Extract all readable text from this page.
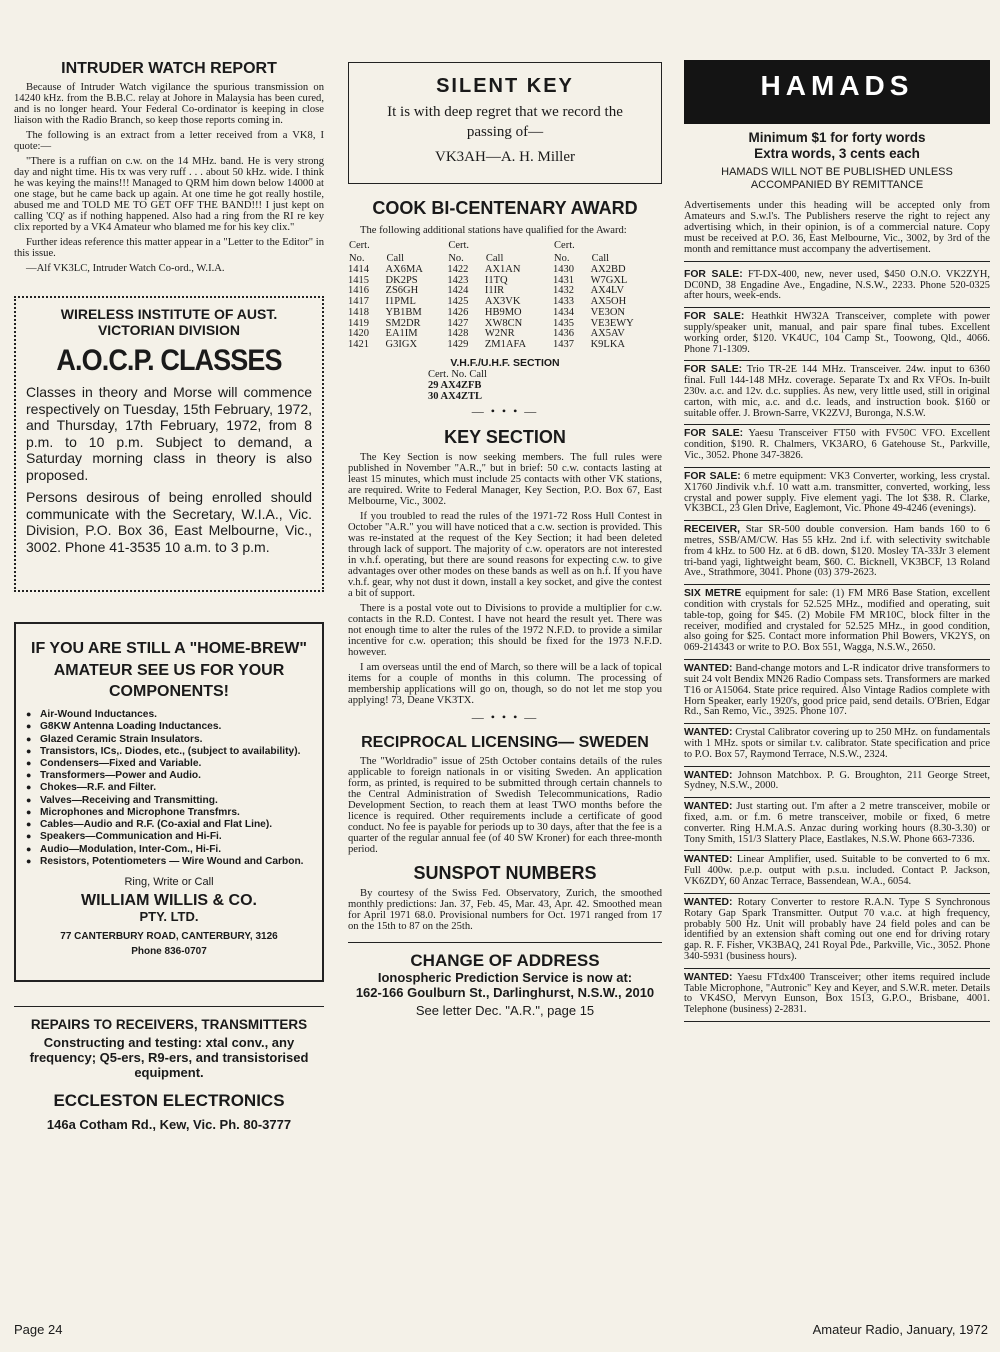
INTRUDER WATCH REPORT

Because of Intruder Watch vigilance the spurious transmission on 14240 kHz. from the B.B.C. relay at Johore in Malaysia has been cured, and is no longer heard. Your Federal Co-ordinator is keeping in close liaison with the Radio Branch, so keep those reports coming in.

The following is an extract from a letter received from a VK8, I quote:—

"There is a ruffian on c.w. on the 14 MHz. band. He is very strong day and night time. His tx was very ruff . . . about 50 kHz. wide. I think he was keying the mains!!! Managed to QRM him down below 14000 at one stage, but he came back up again. At one time he got really hostile, abused me and TOLD ME TO GET OFF THE BAND!!! I just kept on calling 'CQ' as if nothing happened. Also had a ring from the RI re key clix reported by a VK4 Amateur who blamed me for his key clix."

Further ideas reference this matter appear in a "Letter to the Editor" in this issue.

—Alf VK3LC, Intruder Watch Co-ord., W.I.A.

WIRELESS INSTITUTE OF AUST.
VICTORIAN DIVISION
A.O.C.P. CLASSES

Classes in theory and Morse will commence respectively on Tuesday, 15th February, 1972, and Thursday, 17th February, 1972, from 8 p.m. to 10 p.m. Subject to demand, a Saturday morning class in theory is also proposed.

Persons desirous of being enrolled should communicate with the Secretary, W.I.A., Vic. Division, P.O. Box 36, East Melbourne, Vic., 3002. Phone 41-3535 10 a.m. to 3 p.m.

IF YOU ARE STILL A "HOME-BREW" AMATEUR SEE US FOR YOUR COMPONENTS!
● Air-Wound Inductances.
● G8KW Antenna Loading Inductances.
● Glazed Ceramic Strain Insulators.
● Transistors, ICs,. Diodes, etc., (subject to availability).
● Condensers—Fixed and Variable.
● Transformers—Power and Audio.
● Chokes—R.F. and Filter.
● Valves—Receiving and Transmitting.
● Microphones and Microphone Transfmrs.
● Cables—Audio and R.F. (Co-axial and Flat Line).
● Speakers—Communication and Hi-Fi.
● Audio—Modulation, Inter-Com., Hi-Fi.
● Resistors, Potentiometers — Wire Wound and Carbon.
Ring, Write or Call
WILLIAM WILLIS & CO.
PTY. LTD.
77 CANTERBURY ROAD, CANTERBURY, 3126
Phone 836-0707
REPAIRS TO RECEIVERS, TRANSMITTERS
Constructing and testing: xtal conv., any frequency; Q5-ers, R9-ers, and transistorised equipment.
ECCLESTON ELECTRONICS
146a Cotham Rd., Kew, Vic. Ph. 80-3777
SILENT KEY

It is with deep regret that we record the passing of—

VK3AH—A. H. Miller

COOK BI-CENTENARY AWARD

The following additional stations have qualified for the Award:

Cert.		Cert.		Cert.	
No.	Call	No.	Call	No.	Call
1414	AX6MA	1422	AX1AN	1430	AX2BD
1415	DK2PS	1423	I1TQ	1431	W7GXL
1416	ZS6GH	1424	I1IR	1432	AX4LV
1417	I1PML	1425	AX3VK	1433	AX5OH
1418	YB1BM	1426	HB9MO	1434	VE3ON
1419	SM2DR	1427	XW8CN	1435	VE3EWY
1420	EA1IM	1428	W2NR	1436	AX5AV
1421	G3IGX	1429	ZM1AFA	1437	K9LKA
V.H.F./U.H.F. SECTION
Cert. No. Call
29 AX4ZFB
30 AX4ZTL
— • • • —
KEY SECTION

The Key Section is now seeking members. The full rules were published in November "A.R.," but in brief: 50 c.w. contacts lasting at least 15 minutes, which must include 25 contacts with other VK stations, are required. Write to Federal Manager, Key Section, P.O. Box 67, East Melbourne, Vic., 3002.

If you troubled to read the rules of the 1971-72 Ross Hull Contest in October "A.R." you will have noticed that a c.w. section is provided. This was re-instated at the request of the Key Section; it had been deleted through lack of support. The majority of c.w. operators are not interested in v.h.f. operating, but there are sound reasons for expecting c.w. to give advantages over other modes on these bands as well as on h.f. If you have v.h.f. gear, why not dust it down, install a key socket, and give the contest a bit of support.

There is a postal vote out to Divisions to provide a multiplier for c.w. contacts in the R.D. Contest. I have not heard the result yet. There was not enough time to alter the rules of the 1972 N.F.D. to provide a similar incentive for c.w. operation; this should be fixed for the 1973 N.F.D. however.

I am overseas until the end of March, so there will be a lack of topical items for a couple of months in this column. The processing of membership applications will go on, though, so do not let me stop you applying! 73, Deane VK3TX.

— • • • —
RECIPROCAL LICENSING— SWEDEN

The "Worldradio" issue of 25th October contains details of the rules applicable to foreign nationals in or visiting Sweden. An application form, as printed, is required to be submitted through certain channels to the Central Administration of Swedish Telecommunications, Radio Development Section, to reach them at least TWO months before the licence is required. Other requirements include a certificate of good conduct. No fee is payable for periods up to 30 days, after that the fee is a quarter of the regular annual fee (of 40 SW Kroner) for each three-month period.

SUNSPOT NUMBERS

By courtesy of the Swiss Fed. Observatory, Zurich, the smoothed monthly predictions: Jan. 37, Feb. 45, Mar. 43, Apr. 42. Smoothed mean for April 1971 68.0. Provisional numbers for Oct. 1971 ranged from 17 on the 15th to 87 on the 25th.

CHANGE OF ADDRESS
Ionospheric Prediction Service is now at:
162-166 Goulburn St., Darlinghurst, N.S.W., 2010
See letter Dec. "A.R.", page 15
HAMADS
Minimum $1 for forty words
Extra words, 3 cents each
HAMADS WILL NOT BE PUBLISHED UNLESS ACCOMPANIED BY REMITTANCE
Advertisements under this heading will be accepted only from Amateurs and S.w.l's. The Publishers reserve the right to reject any advertising which, in their opinion, is of a commercial nature. Copy must be received at P.O. 36, East Melbourne, Vic., 3002, by 3rd of the month and remittance must accompany the advertisement.

FOR SALE: FT-DX-400, new, never used, $450 O.N.O. VK2ZYH, DC0ND, 38 Engadine Ave., Engadine, N.S.W., 2233. Phone 520-0325 after hours, week-ends.

FOR SALE: Heathkit HW32A Transceiver, complete with power supply/speaker unit, manual, and pair spare final tubes. Excellent working order, $120. VK4UC, 104 Camp St., Toowong, Qld., 4066. Phone 71-1309.

FOR SALE: Trio TR-2E 144 MHz. Transceiver. 24w. input to 6360 final. Full 144-148 MHz. coverage. Separate Tx and Rx VFOs. In-built 230v. a.c. and 12v. d.c. supplies. As new, very little used, still in original carton, with mic, a.c. and d.c. leads, and instruction book. $160 or suitable offer. J. Brown-Sarre, VK2ZVJ, Buronga, N.S.W.

FOR SALE: Yaesu Transceiver FT50 with FV50C VFO. Excellent condition, $190. R. Chalmers, VK3ARO, 6 Gatehouse St., Parkville, Vic., 3052. Phone 347-3826.

FOR SALE: 6 metre equipment: VK3 Converter, working, less crystal. X1760 Jindivik v.h.f. 10 watt a.m. transmitter, converted, working, less crystal and power supply. Five element yagi. The lot $38. R. Clarke, VK3BCL, 23 Glen Drive, Eaglemont, Vic. Phone 49-4246 (evenings).

RECEIVER, Star SR-500 double conversion. Ham bands 160 to 6 metres, SSB/AM/CW. Has 55 kHz. 2nd i.f. with selectivity switchable from 4 kHz. to 500 Hz. at 6 dB. down, $120. Mosley TA-33Jr 3 element tri-band yagi, lightweight beam, $60. C. Bicknell, VK3BCF, 13 Roland Ave., Strathmore, 3041. Phone (03) 379-2623.

SIX METRE equipment for sale: (1) FM MR6 Base Station, excellent condition with crystals for 52.525 MHz., modified and operating, suit table-top, going for $45. (2) Mobile FM MR10C, block filter in the receiver, modified and crystaled for 52.525 MHz., in good condition, also going for $25. Contact more information Phil Bowers, VK2YS, on 069-214343 or write to P.O. Box 551, Wagga, N.S.W., 2650.

WANTED: Band-change motors and L-R indicator drive transformers to suit 24 volt Bendix MN26 Radio Compass sets. Transformers are marked T16 or A15064. State price required. Also Vintage Radios complete with Horn Speaker, early 1920's, good price paid, send details. O'Brien, Edgar Rd., San Remo, Vic., 3925. Phone 107.

WANTED: Crystal Calibrator covering up to 250 MHz. on fundamentals with 1 MHz. spots or similar t.v. calibrator. State specification and price to P.O. Box 57, Raymond Terrace, N.S.W., 2324.

WANTED: Johnson Matchbox. P. G. Broughton, 211 George Street, Sydney, N.S.W., 2000.

WANTED: Just starting out. I'm after a 2 metre transceiver, mobile or fixed, a.m. or f.m. 6 metre transceiver, mobile or fixed, 6 metre converter. Ring H.M.A.S. Anzac during working hours (8.30-3.30) or Tony Smith, 151/3 Slattery Place, Eastlakes, N.S.W. Phone 663-7336.

WANTED: Linear Amplifier, used. Suitable to be converted to 6 mx. Full 400w. p.e.p. output with p.s.u. included. Contact P. Jackson, VK6ZDY, 60 Anzac Terrace, Bassendean, W.A., 6054.

WANTED: Rotary Converter to restore R.A.N. Type S Synchronous Rotary Gap Spark Transmitter. Output 70 v.a.c. at high frequency, probably 500 Hz. Unit will probably have 24 field poles and can be identified by an extension shaft coming out one end for driving rotary gap. R. F. Fisher, VK3BAQ, 241 Royal Pde., Parkville, Vic., 3052. Phone 340-5931 (business hours).

WANTED: Yaesu FTdx400 Transceiver; other items required include Table Microphone, "Autronic" Key and Keyer, and S.W.R. meter. Details to VK4SO, Mervyn Eunson, Box 1513, G.P.O., Brisbane, 4001. Telephone (business) 2-2831.

Page 24	Amateur Radio, January, 1972
